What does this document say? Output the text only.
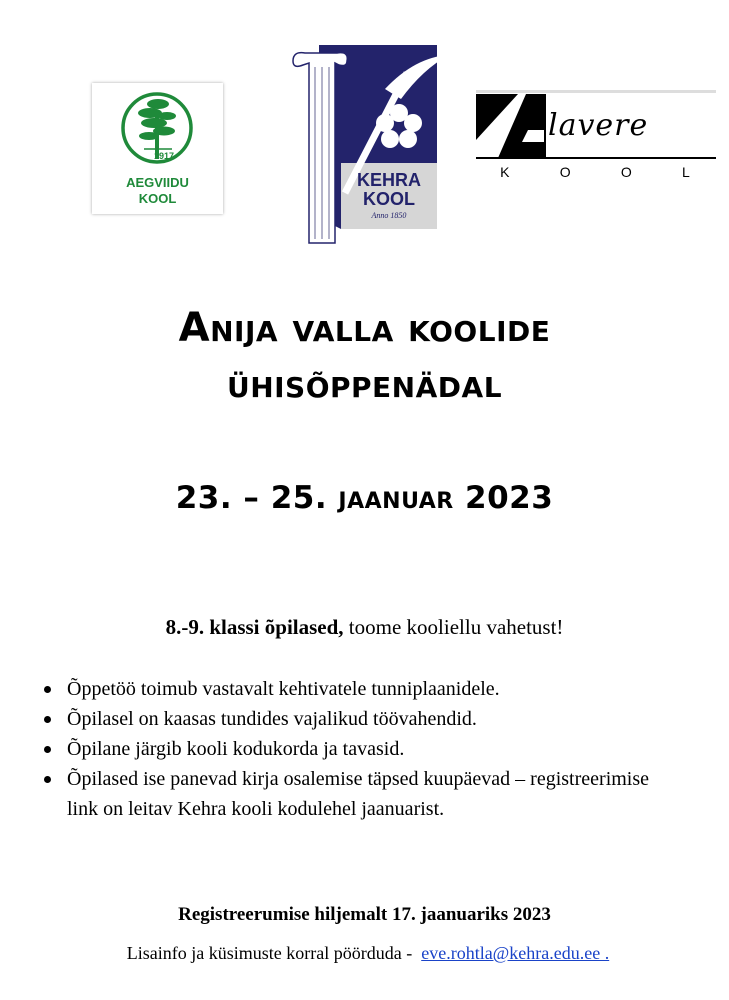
1917
AEGVIIDU
KOOL
KEHRA
KOOL
Anno 1850
lavere
K	O	O	L
Anija valla koolide
ühisõppenädal
23. – 25. jaanuar 2023
8.-9. klassi õpilased, toome kooliellu vahetust!
Õppetöö toimub vastavalt kehtivatele tunniplaanidele.
Õpilasel on kaasas tundides vajalikud töövahendid.
Õpilane järgib kooli kodukorda ja tavasid.
Õpilased ise panevad kirja osalemise täpsed kuupäevad – registreerimise link on leitav Kehra kooli kodulehel jaanuarist.
Registreerumise hiljemalt 17. jaanuariks 2023
Lisainfo ja küsimuste korral pöörduda -  eve.rohtla@kehra.edu.ee .
